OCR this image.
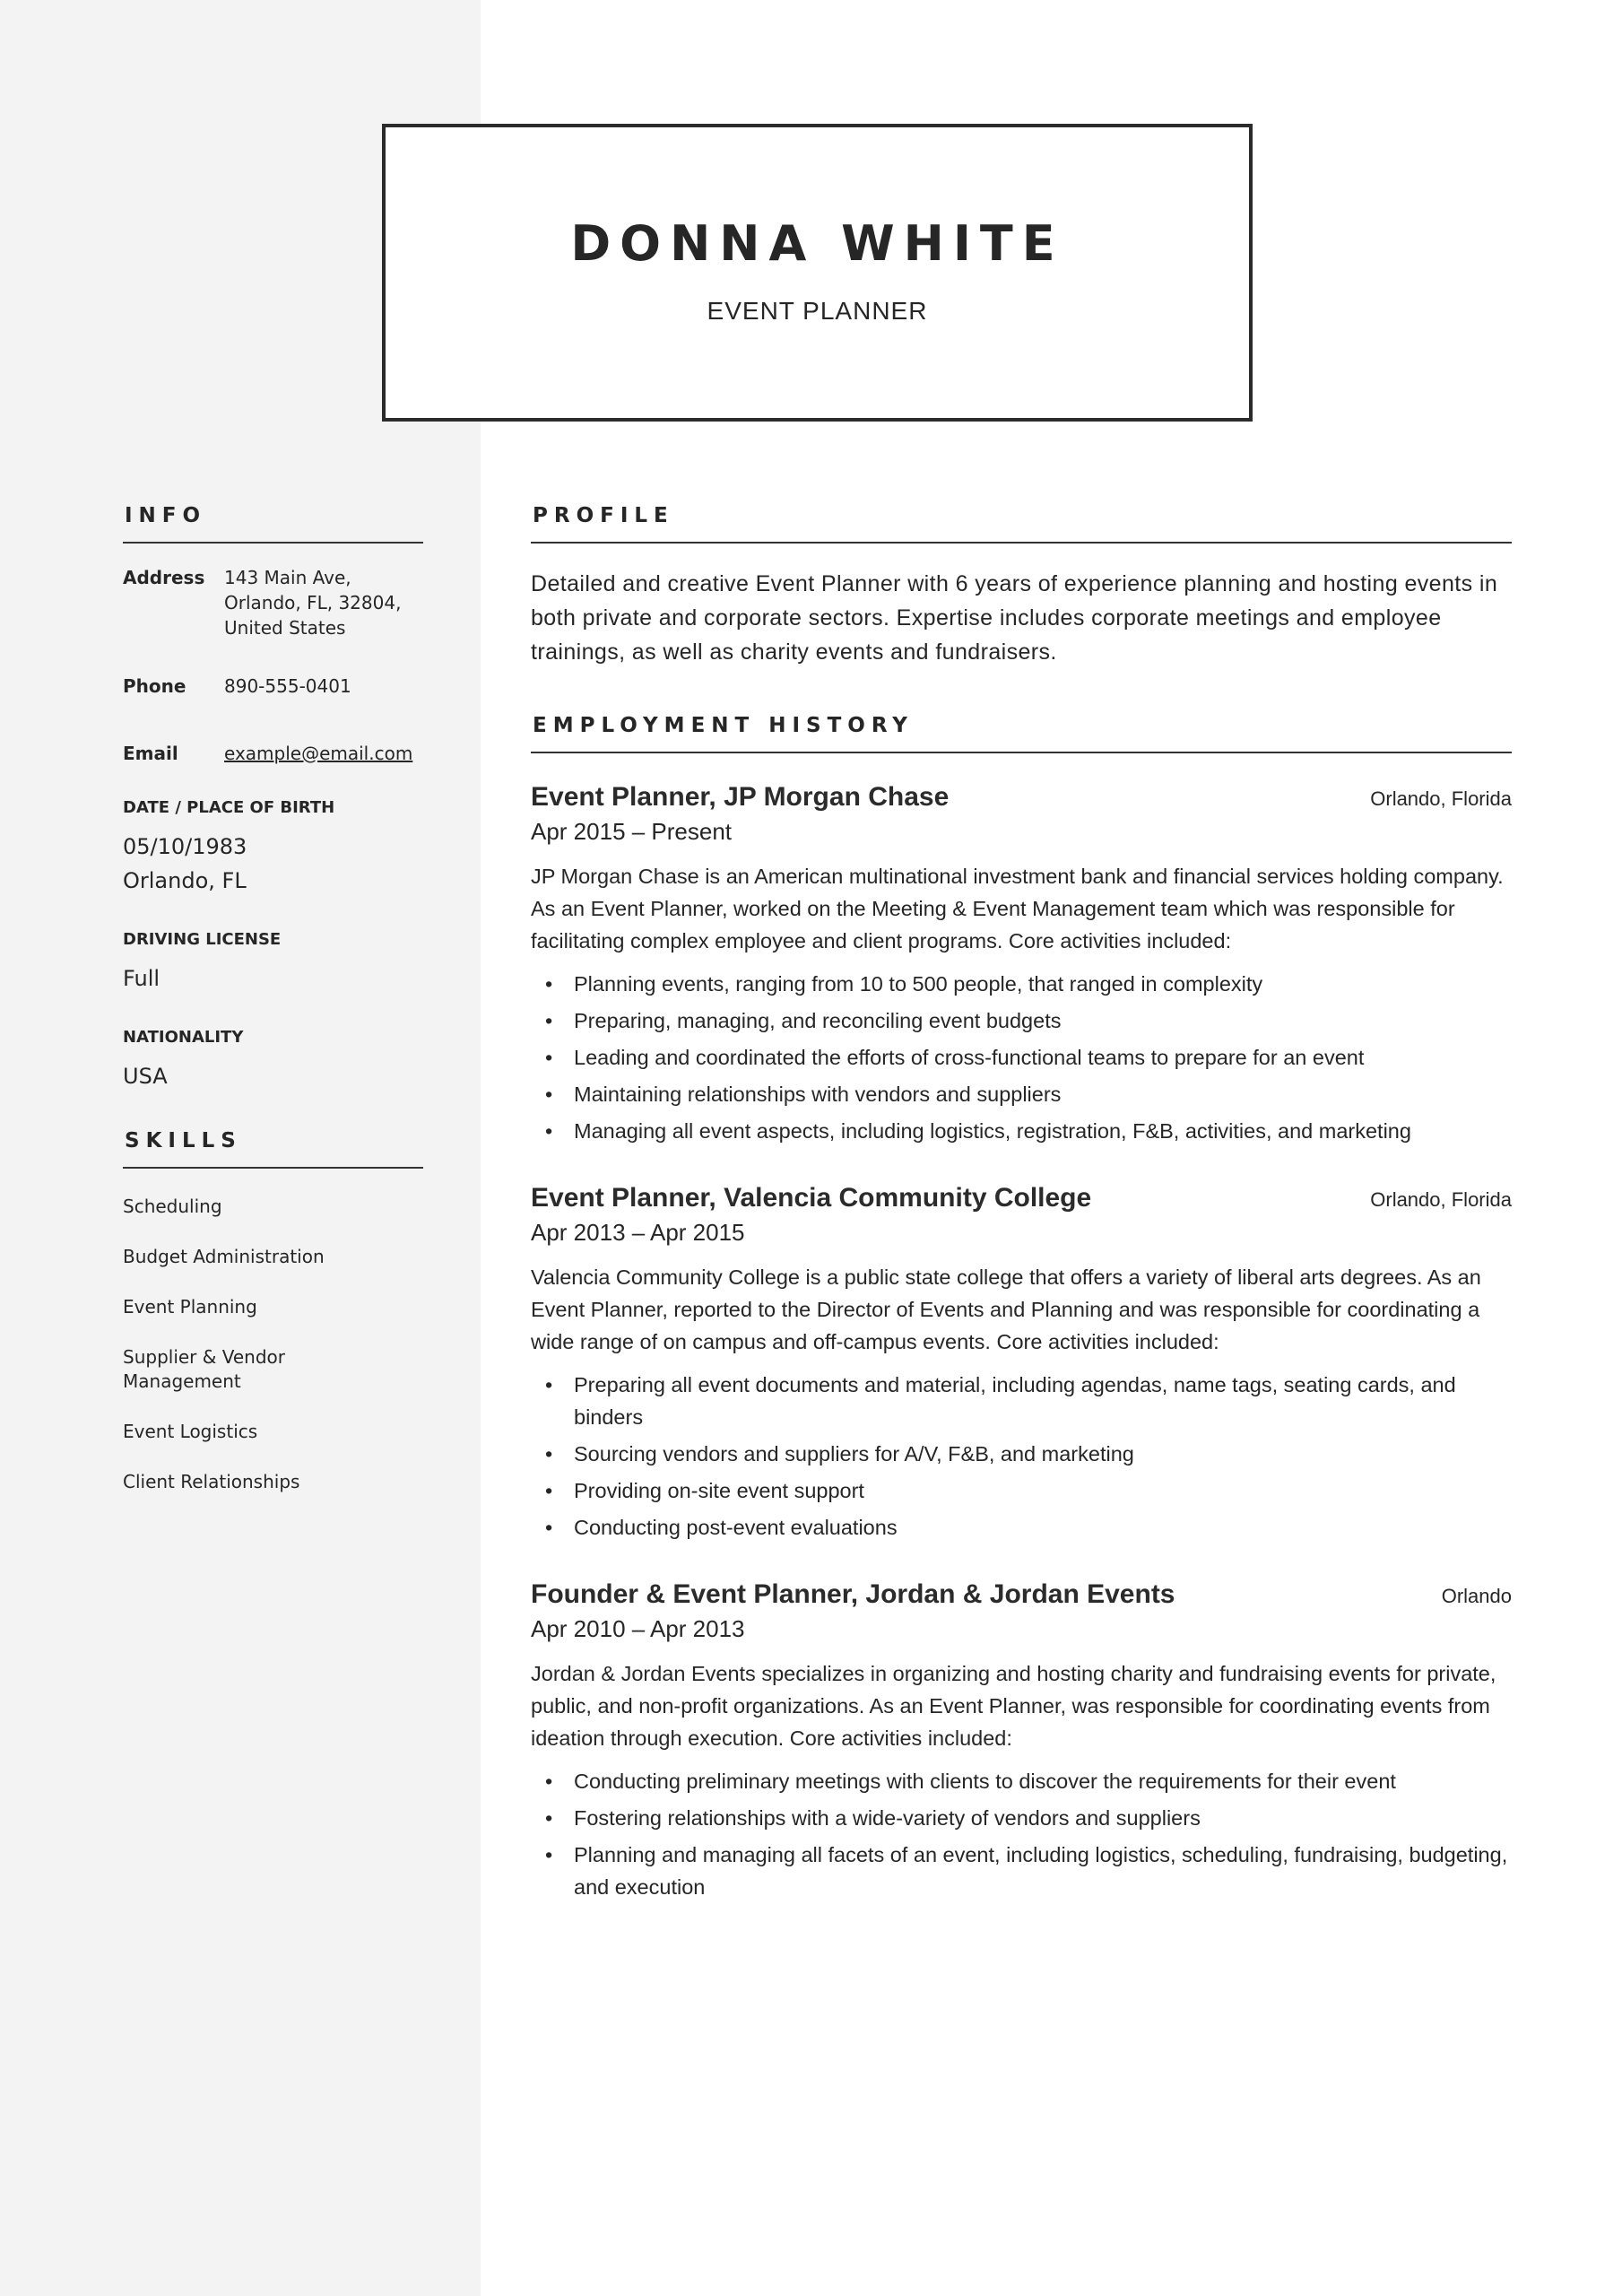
DONNA WHITE
EVENT PLANNER
INFO
Address	143 Main Ave,
Orlando, FL, 32804,
United States
Phone	890-555-0401
Email	example@email.com
DATE / PLACE OF BIRTH
05/10/1983
Orlando, FL
DRIVING LICENSE
Full
NATIONALITY
USA
SKILLS
Scheduling
Budget Administration
Event Planning
Supplier & Vendor Management
Event Logistics
Client Relationships
PROFILE
Detailed and creative Event Planner with 6 years of experience planning and hosting events in both private and corporate sectors. Expertise includes corporate meetings and employee trainings, as well as charity events and fundraisers.
EMPLOYMENT HISTORY
Event Planner, JP Morgan Chase	Orlando, Florida
Apr 2015 – Present
JP Morgan Chase is an American multinational investment bank and financial services holding company. As an Event Planner, worked on the Meeting & Event Management team which was responsible for facilitating complex employee and client programs. Core activities included:
• Planning events, ranging from 10 to 500 people, that ranged in complexity
• Preparing, managing, and reconciling event budgets
• Leading and coordinated the efforts of cross-functional teams to prepare for an event
• Maintaining relationships with vendors and suppliers
• Managing all event aspects, including logistics, registration, F&B, activities, and marketing
Event Planner, Valencia Community College	Orlando, Florida
Apr 2013 – Apr 2015
Valencia Community College is a public state college that offers a variety of liberal arts degrees. As an Event Planner, reported to the Director of Events and Planning and was responsible for coordinating a wide range of on campus and off-campus events. Core activities included:
• Preparing all event documents and material, including agendas, name tags, seating cards, and binders
• Sourcing vendors and suppliers for A/V, F&B, and marketing
• Providing on-site event support
• Conducting post-event evaluations
Founder & Event Planner, Jordan & Jordan Events	Orlando
Apr 2010 – Apr 2013
Jordan & Jordan Events specializes in organizing and hosting charity and fundraising events for private, public, and non-profit organizations. As an Event Planner, was responsible for coordinating events from ideation through execution. Core activities included:
• Conducting preliminary meetings with clients to discover the requirements for their event
• Fostering relationships with a wide-variety of vendors and suppliers
• Planning and managing all facets of an event, including logistics, scheduling, fundraising, budgeting, and execution
